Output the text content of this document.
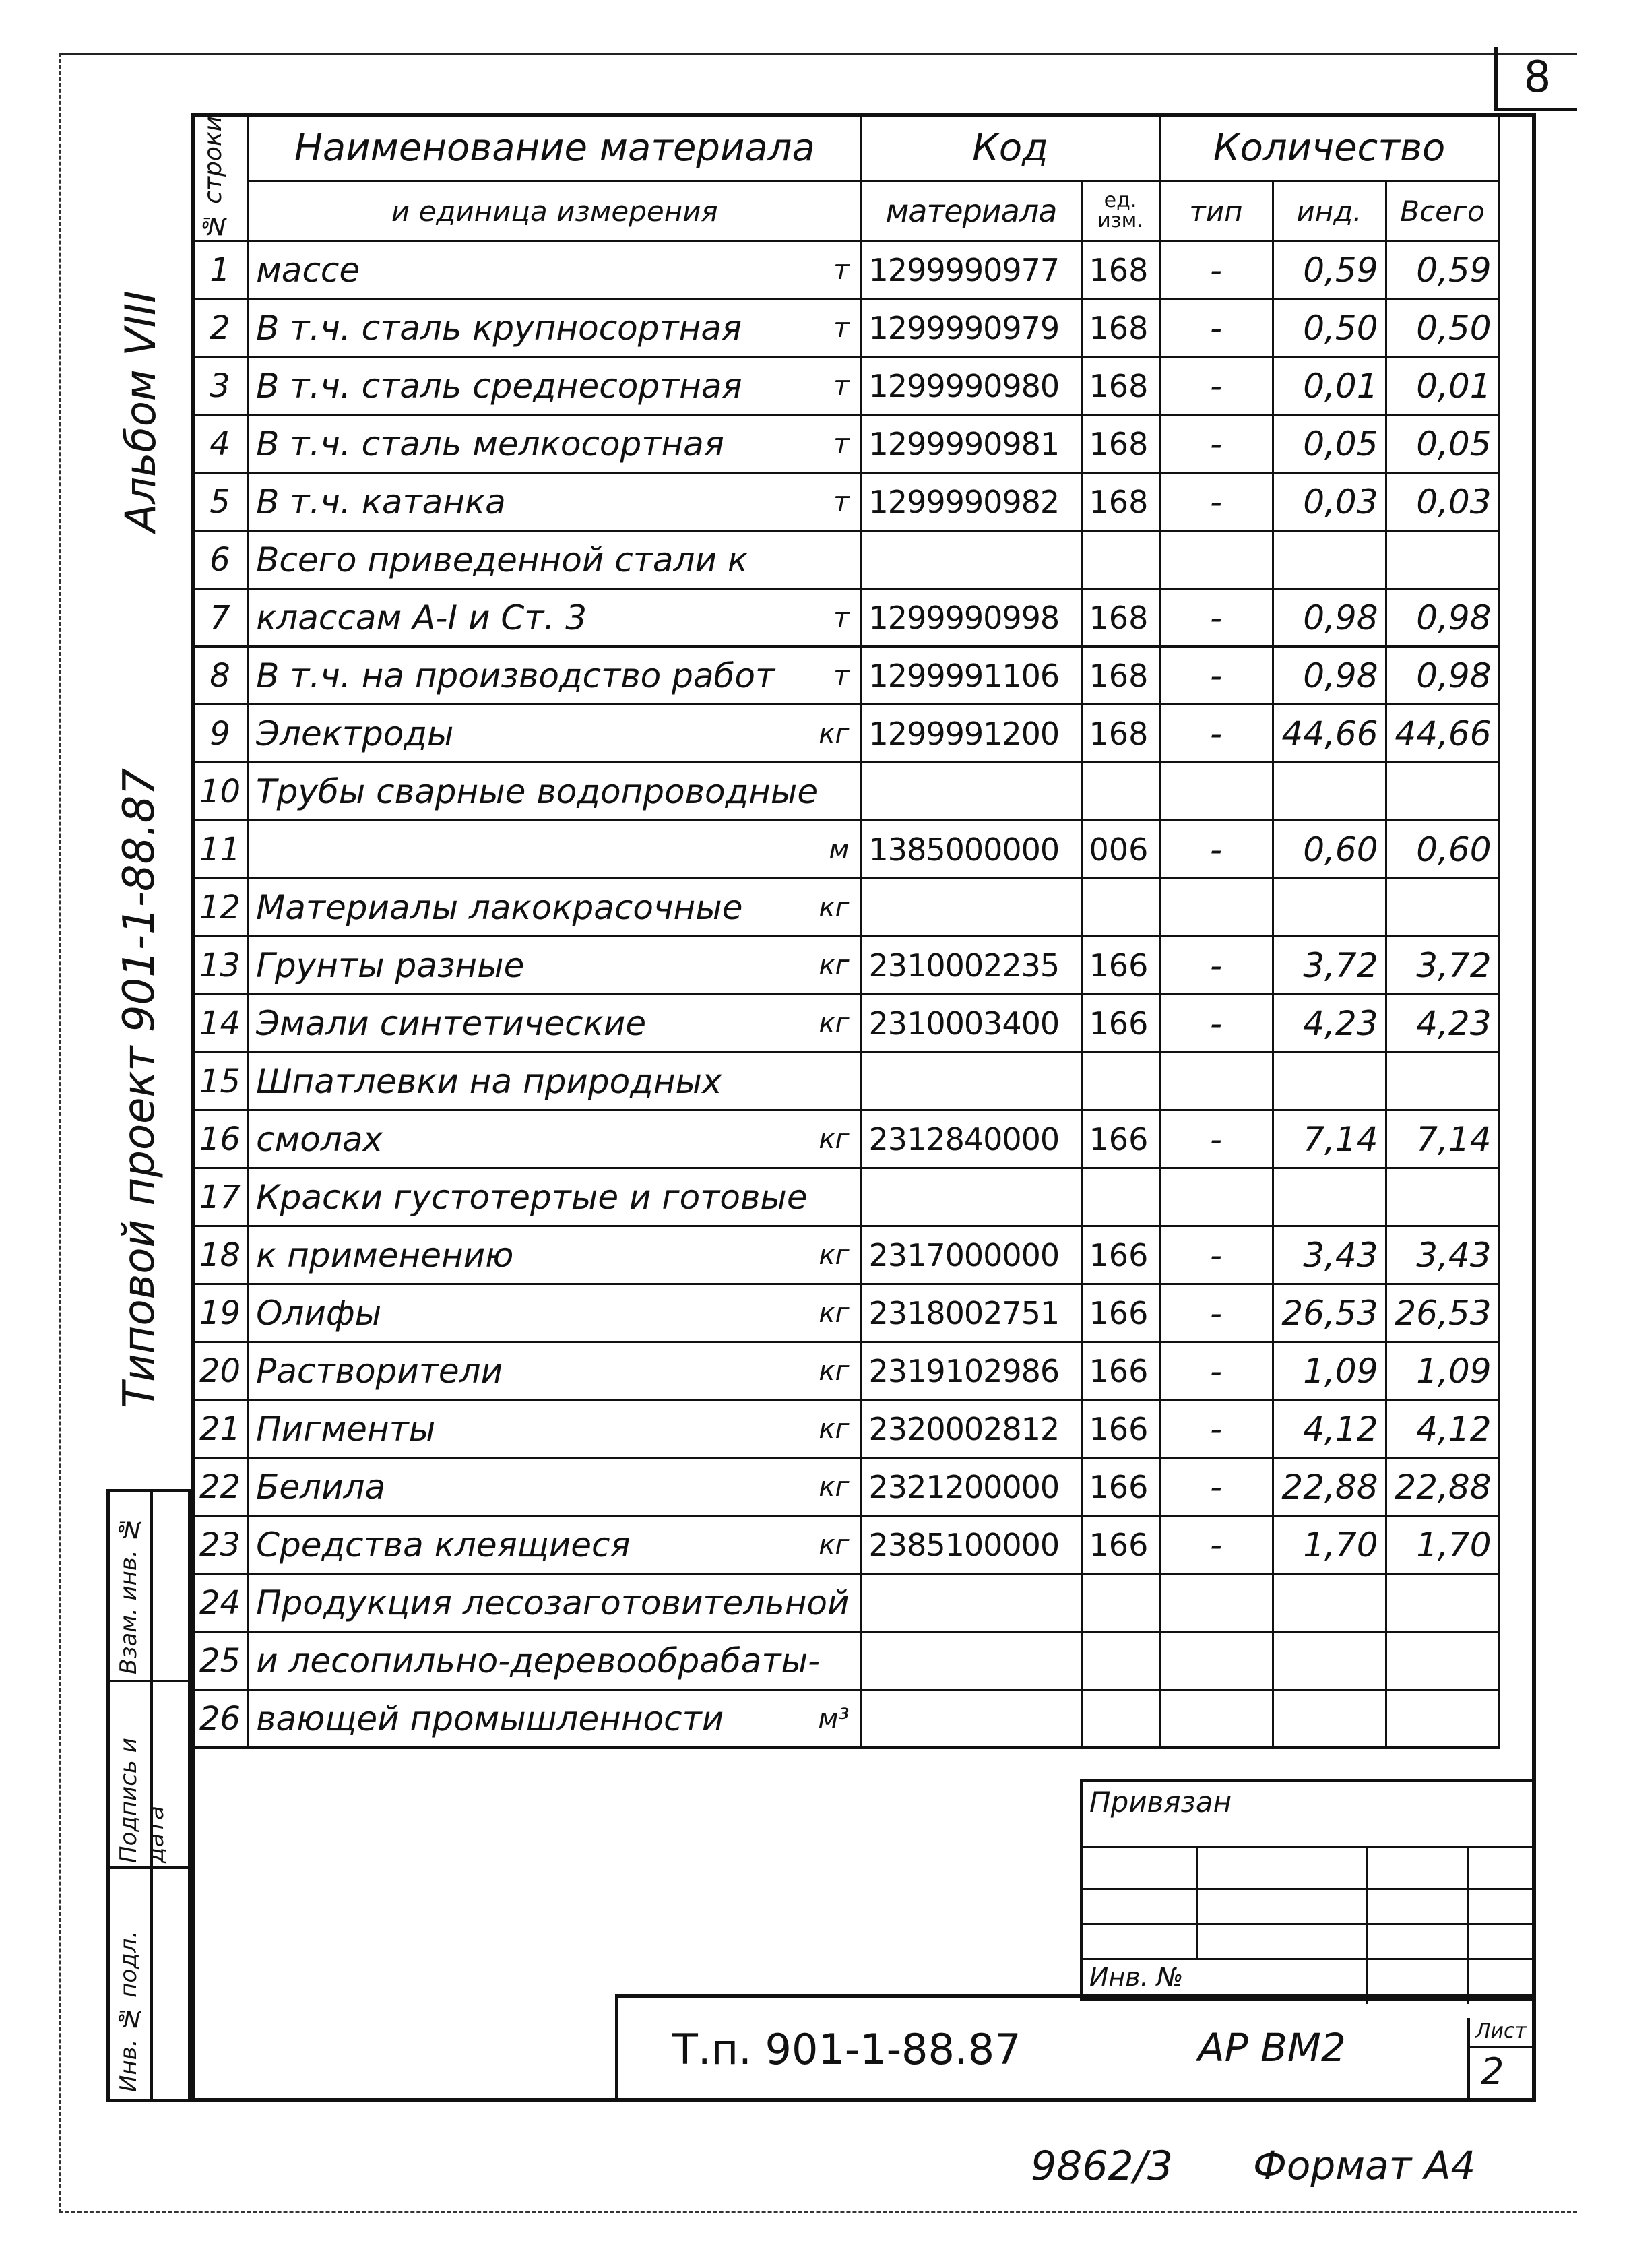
8
Альбом VIII
Типовой проект 901-1-88.87
№ строки	Наименование материала	Код		Количество		
	и единица измерения	материала	ед. изм.	тип	инд.	Всего
1	массе т	1299990977	168	-	0,59	0,59
2	В т.ч. сталь крупносортная т	1299990979	168	-	0,50	0,50
3	В т.ч. сталь среднесортная т	1299990980	168	-	0,01	0,01
4	В т.ч. сталь мелкосортная т	1299990981	168	-	0,05	0,05
5	В т.ч. катанка т	1299990982	168	-	0,03	0,03
6	Всего приведенной стали к					

7	классам А-I и Ст. 3 т	1299990998	168	-	0,98	0,98
8	В т.ч. на производство работ т	1299991106	168	-	0,98	0,98
9	Электроды кг	1299991200	168	-	44,66	44,66
10	Трубы сварные водопроводные					

11	м	1385000000	006	-	0,60	0,60
12	Материалы лакокрасочные кг					

13	Грунты разные кг	2310002235	166	-	3,72	3,72
14	Эмали синтетические кг	2310003400	166	-	4,23	4,23
15	Шпатлевки на природных					

16	смолах кг	2312840000	166	-	7,14	7,14
17	Краски густотертые и готовые					

18	к применению кг	2317000000	166	-	3,43	3,43
19	Олифы кг	2318002751	166	-	26,53	26,53
20	Растворители кг	2319102986	166	-	1,09	1,09
21	Пигменты кг	2320002812	166	-	4,12	4,12
22	Белила кг	2321200000	166	-	22,88	22,88
23	Средства клеящиеся кг	2385100000	166	-	1,70	1,70
24	Продукция лесозаготовительной					

25	и лесопильно-деревообрабаты-					

26	вающей промышленности м³					

Взам. инв. №
Подпись и дата
Инв. № подл.
Привязан
Инв. №
Т.п. 901-1-88.87	АР ВМ2	Лист
2
9862/3 Формат А4
